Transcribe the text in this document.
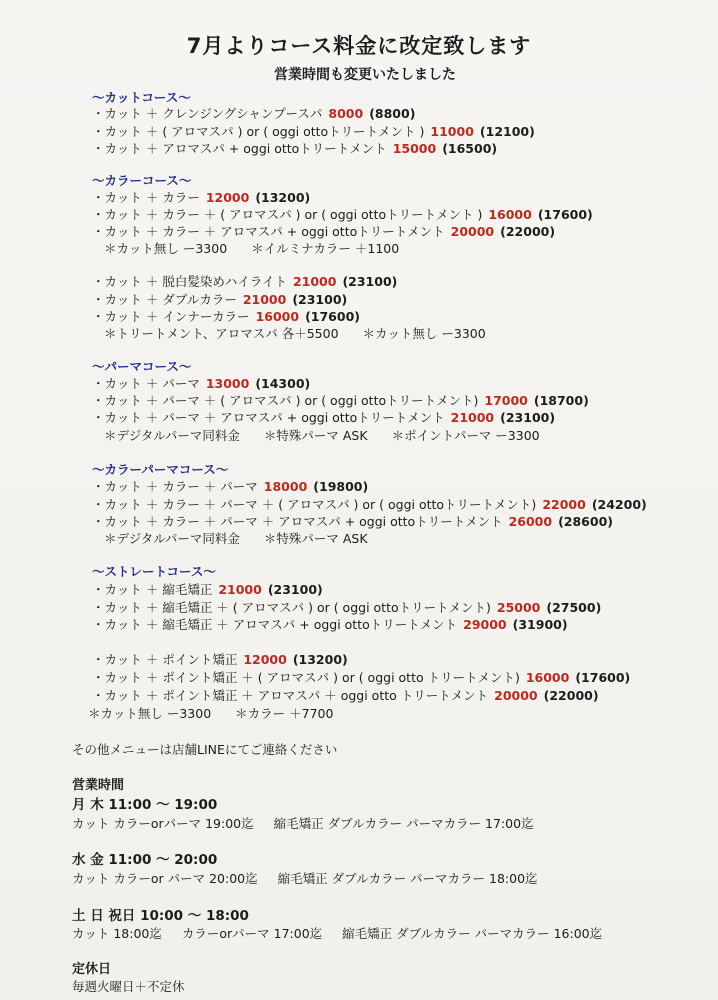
7月よりコース料金に改定致します
営業時間も変更いたしました
〜カットコース〜
・カット ＋ クレンジングシャンプースパ 8000 (8800)
・カット ＋ ( アロマスパ ) or ( oggi ottoトリートメント ) 11000 (12100)
・カット ＋ アロマスパ + oggi ottoトリートメント 15000 (16500)
〜カラーコース〜
・カット ＋ カラー 12000 (13200)
・カット ＋ カラー ＋ ( アロマスパ ) or ( oggi ottoトリートメント ) 16000 (17600)
・カット ＋ カラー ＋ アロマスパ + oggi ottoトリートメント 20000 (22000)
＊カット無し ー3300 ＊イルミナカラー ＋1100
・カット ＋ 脱白髪染めハイライト 21000 (23100)
・カット ＋ ダブルカラー 21000 (23100)
・カット ＋ インナーカラー 16000 (17600)
＊トリートメント、アロマスパ 各＋5500 ＊カット無し ー3300
〜パーマコース〜
・カット ＋ パーマ 13000 (14300)
・カット ＋ パーマ ＋ ( アロマスパ ) or ( oggi ottoトリートメント) 17000 (18700)
・カット ＋ パーマ ＋ アロマスパ + oggi ottoトリートメント 21000 (23100)
＊デジタルパーマ同料金 ＊特殊パーマ ASK ＊ポイントパーマ ー3300
〜カラーパーマコース〜
・カット ＋ カラー ＋ パーマ 18000 (19800)
・カット ＋ カラー ＋ パーマ ＋ ( アロマスパ ) or ( oggi ottoトリートメント) 22000 (24200)
・カット ＋ カラー ＋ パーマ ＋ アロマスパ + oggi ottoトリートメント 26000 (28600)
＊デジタルパーマ同料金 ＊特殊パーマ ASK
〜ストレートコース〜
・カット ＋ 縮毛矯正 21000 (23100)
・カット ＋ 縮毛矯正 ＋ ( アロマスパ ) or ( oggi ottoトリートメント) 25000 (27500)
・カット ＋ 縮毛矯正 ＋ アロマスパ + oggi ottoトリートメント 29000 (31900)
・カット ＋ ポイント矯正 12000 (13200)
・カット ＋ ポイント矯正 ＋ ( アロマスパ ) or ( oggi otto トリートメント) 16000 (17600)
・カット ＋ ポイント矯正 ＋ アロマスパ ＋ oggi otto トリートメント 20000 (22000)
＊カット無し ー3300 ＊カラー ＋7700
その他メニューは店舗LINEにてご連絡ください
営業時間
月 木 11:00 〜 19:00
カット カラーorパーマ 19:00迄 縮毛矯正 ダブルカラー パーマカラー 17:00迄
水 金 11:00 〜 20:00
カット カラーor パーマ 20:00迄 縮毛矯正 ダブルカラー パーマカラー 18:00迄
土 日 祝日 10:00 〜 18:00
カット 18:00迄 カラーorパーマ 17:00迄 縮毛矯正 ダブルカラー パーマカラー 16:00迄
定休日
毎週火曜日＋不定休
